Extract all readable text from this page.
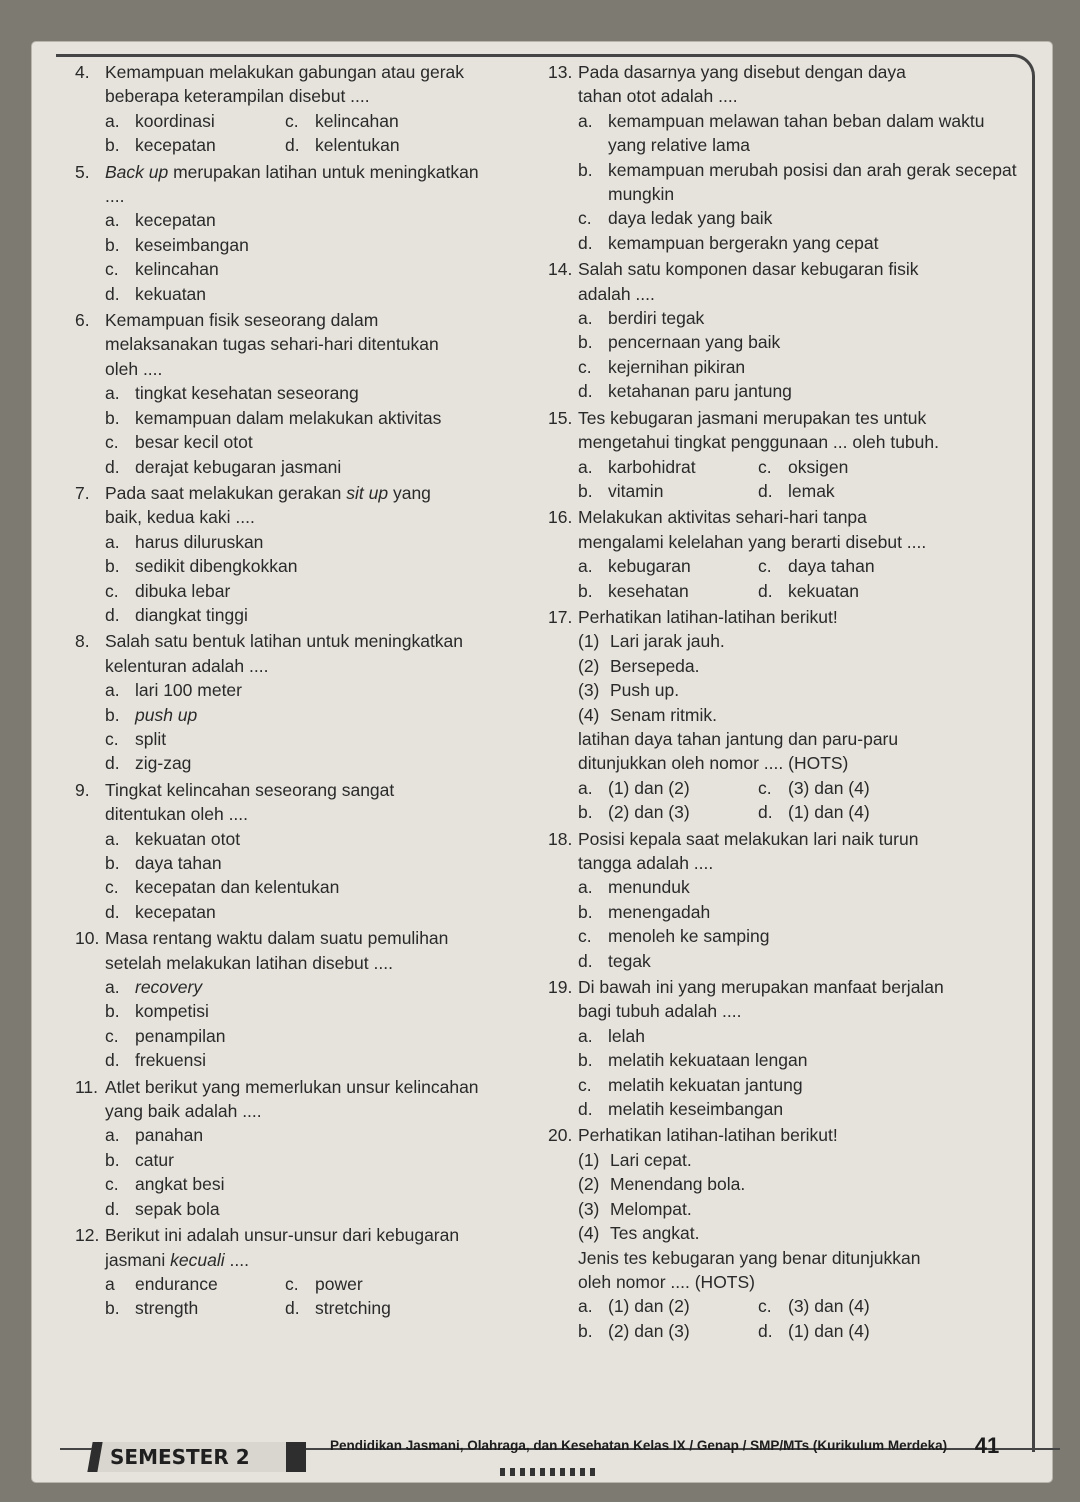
4. Kemampuan melakukan gabungan atau gerak
beberapa keterampilan disebut ....
a. koordinasi	c. kelincahan
b. kecepatan	d. kelentukan
5. Back up merupakan latihan untuk meningkatkan
....
a. kecepatan
b. keseimbangan
c. kelincahan
d. kekuatan
6. Kemampuan fisik seseorang dalam
melaksanakan tugas sehari-hari ditentukan
oleh ....
a. tingkat kesehatan seseorang
b. kemampuan dalam melakukan aktivitas
c. besar kecil otot
d. derajat kebugaran jasmani
7. Pada saat melakukan gerakan sit up yang
baik, kedua kaki ....
a. harus diluruskan
b. sedikit dibengkokkan
c. dibuka lebar
d. diangkat tinggi
8. Salah satu bentuk latihan untuk meningkatkan
kelenturan adalah ....
a. lari 100 meter
b. push up
c. split
d. zig-zag
9. Tingkat kelincahan seseorang sangat
ditentukan oleh ....
a. kekuatan otot
b. daya tahan
c. kecepatan dan kelentukan
d. kecepatan
10. Masa rentang waktu dalam suatu pemulihan
setelah melakukan latihan disebut ....
a. recovery
b. kompetisi
c. penampilan
d. frekuensi
11. Atlet berikut yang memerlukan unsur kelincahan
yang baik adalah ....
a. panahan
b. catur
c. angkat besi
d. sepak bola
12. Berikut ini adalah unsur-unsur dari kebugaran
jasmani kecuali ....
a	endurance	c. power
b. strength	d. stretching
13. Pada dasarnya yang disebut dengan daya
tahan otot adalah ....
a. kemampuan melawan tahan beban dalam waktu yang relative lama
b. kemampuan merubah posisi dan arah gerak secepat mungkin
c. daya ledak yang baik
d. kemampuan bergerakn yang cepat
14. Salah satu komponen dasar kebugaran fisik
adalah ....
a. berdiri tegak
b. pencernaan yang baik
c. kejernihan pikiran
d. ketahanan paru jantung
15. Tes kebugaran jasmani merupakan tes untuk
mengetahui tingkat penggunaan ... oleh tubuh.
a. karbohidrat	c. oksigen
b. vitamin	d. lemak
16. Melakukan aktivitas sehari-hari tanpa
mengalami kelelahan yang berarti disebut ....
a. kebugaran	c. daya tahan
b. kesehatan	d. kekuatan
17. Perhatikan latihan-latihan berikut!
(1) Lari jarak jauh.
(2) Bersepeda.
(3) Push up.
(4) Senam ritmik.
latihan daya tahan jantung dan paru-paru
ditunjukkan oleh nomor .... (HOTS)
a. (1) dan (2)	c. (3) dan (4)
b. (2) dan (3)	d. (1) dan (4)
18. Posisi kepala saat melakukan lari naik turun
tangga adalah ....
a. menunduk
b. menengadah
c. menoleh ke samping
d. tegak
19. Di bawah ini yang merupakan manfaat berjalan
bagi tubuh adalah ....
a. lelah
b. melatih kekuataan lengan
c. melatih kekuatan jantung
d. melatih keseimbangan
20. Perhatikan latihan-latihan berikut!
(1) Lari cepat.
(2) Menendang bola.
(3) Melompat.
(4) Tes angkat.
Jenis tes kebugaran yang benar ditunjukkan
oleh nomor .... (HOTS)
a. (1) dan (2)	c. (3) dan (4)
b. (2) dan (3)	d. (1) dan (4)
SEMESTER 2	Pendidikan Jasmani, Olahraga, dan Kesehatan Kelas IX / Genap / SMP/MTs (Kurikulum Merdeka)	41
